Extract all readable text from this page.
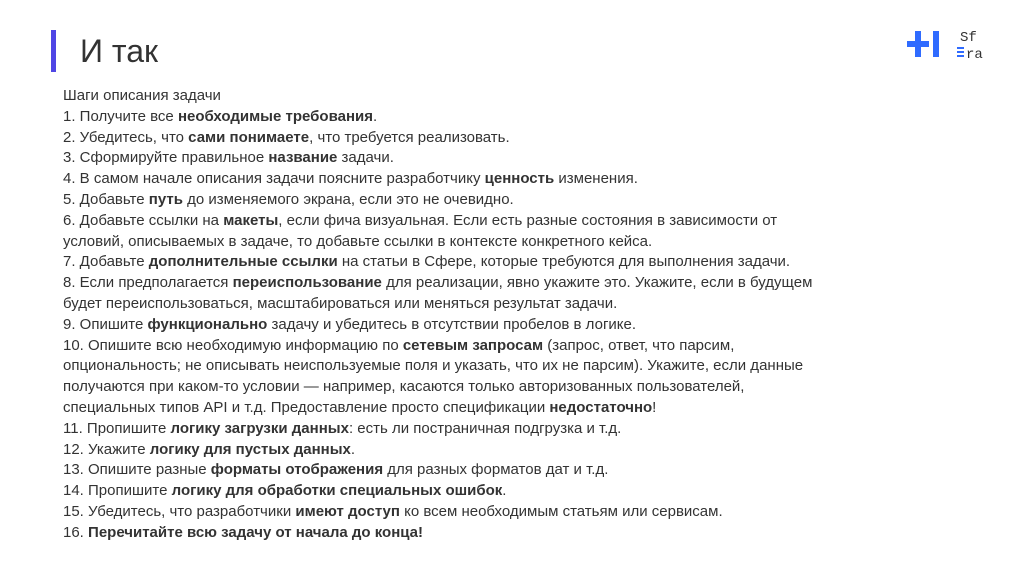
И так	Sf
ra
Шаги описания задачи
1. Получите все необходимые требования.
2. Убедитесь, что сами понимаете, что требуется реализовать.
3. Сформируйте правильное название задачи.
4. В самом начале описания задачи поясните разработчику ценность изменения.
5. Добавьте путь до изменяемого экрана, если это не очевидно.
6. Добавьте ссылки на макеты, если фича визуальная. Если есть разные состояния в зависимости от
условий, описываемых в задаче, то добавьте ссылки в контексте конкретного кейса.
7. Добавьте дополнительные ссылки на статьи в Сфере, которые требуются для выполнения задачи.
8. Если предполагается переиспользование для реализации, явно укажите это. Укажите, если в будущем
будет переиспользоваться, масштабироваться или меняться результат задачи.
9. Опишите функционально задачу и убедитесь в отсутствии пробелов в логике.
10. Опишите всю необходимую информацию по сетевым запросам (запрос, ответ, что парсим,
опциональность; не описывать неиспользуемые поля и указать, что их не парсим). Укажите, если данные
получаются при каком-то условии — например, касаются только авторизованных пользователей,
специальных типов API и т.д. Предоставление просто спецификации недостаточно!
11. Пропишите логику загрузки данных: есть ли постраничная подгрузка и т.д.
12. Укажите логику для пустых данных.
13. Опишите разные форматы отображения для разных форматов дат и т.д.
14. Пропишите логику для обработки специальных ошибок.
15. Убедитесь, что разработчики имеют доступ ко всем необходимым статьям или сервисам.
16. Перечитайте всю задачу от начала до конца!
